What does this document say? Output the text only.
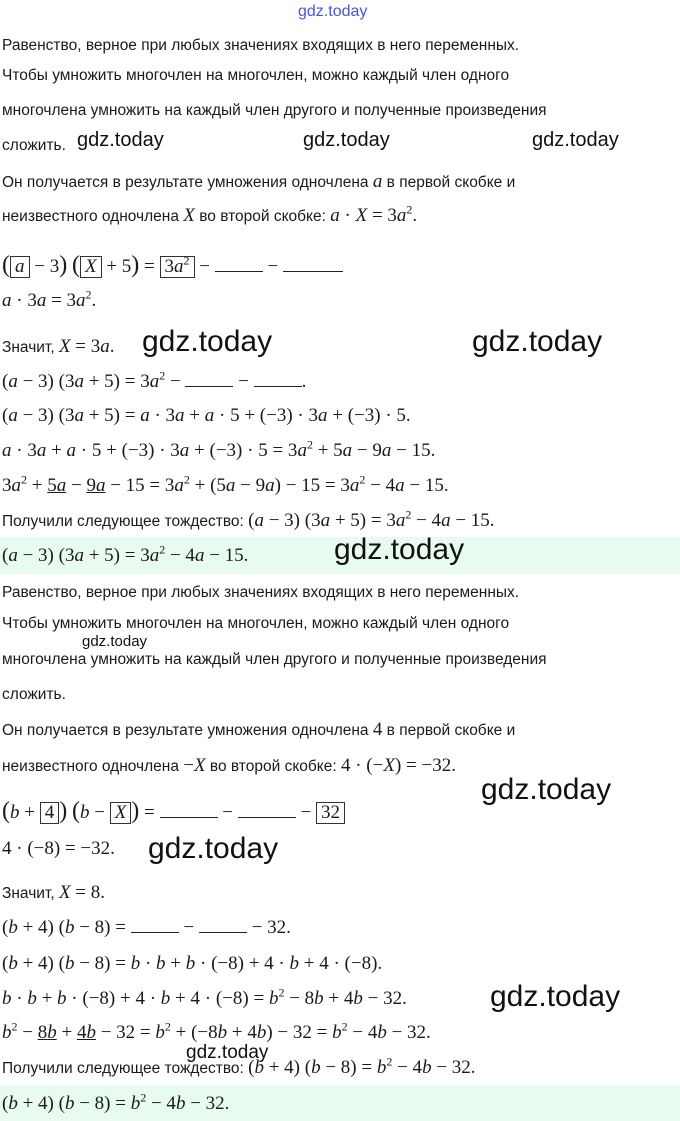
gdz.today
Равенство, верное при любых значениях входящих в него переменных.
Чтобы умножить многочлен на многочлен, можно каждый член одного
многочлена умножить на каждый член другого и полученные произведения
сложить. gdz.today	gdz.today	gdz.today
Он получается в результате умножения одночлена a в первой скобке и
неизвестного одночлена X во второй скобке: $a \cdot X = 3a^2$.
( a − 3) ( $X + 5) = 3a^2$ −	−
$a \cdot 3a = 3a^2$.
Значит, X = 3a. gdz.today	gdz.today
(a − 3) $(3a + 5) = 3a^2$ −	−	.
(a − 3) (3a + 5) = a · 3a + a · 5 + (−3) · 3a + (−3) · 5.
$a \cdot 3a + a \cdot 5 + (-3) \cdot 3a + (-3) \cdot 5 = 3a^2 + 5a - 9a - 15$.
$3a^2 + 5a - 9a - 15 = 3a^2 + (5a - 9a) - 15 = 3a^2 - 4a - 15$.
Получили следующее тождество: (a − 3) $(3a + 5) = 3a^2 - 4a - 15$.
(a − 3) $(3a + 5) = 3a^2 - 4a - 15$.	gdz.today
Равенство, верное при любых значениях входящих в него переменных.
Чтобы умножить многочлен на многочлен, можно каждый член одного
gdz.today
многочлена умножить на каждый член другого и полученные произведения
сложить.
Он получается в результате умножения одночлена 4 в первой скобке и
неизвестного одночлена −X во второй скобке: 4 · (−X) = −32.
gdz.today
(b + 4 ) (b − X ) =	−	− 32
4 · (−8) = −32. gdz.today
Значит, X = 8.
(b + 4) (b − 8) =	−	− 32.
(b + 4) (b − 8) = b · b + b · (−8) + 4 · b + 4 · (−8).
$b \cdot b + b \cdot (-8) + 4 \cdot b + 4 \cdot (-8) = b^2 - 8b + 4b - 32$.	gdz.today
$b^2 - 8b + 4b - 32 = b^2 + (-8b + 4b) - 32 = b^2 - 4b - 32$.
gdz.today
Получили следующее тождество: (b + 4) $(b - 8) = b^2 - 4b - 32$.
(b + 4) $(b - 8) = b^2 - 4b - 32$.
